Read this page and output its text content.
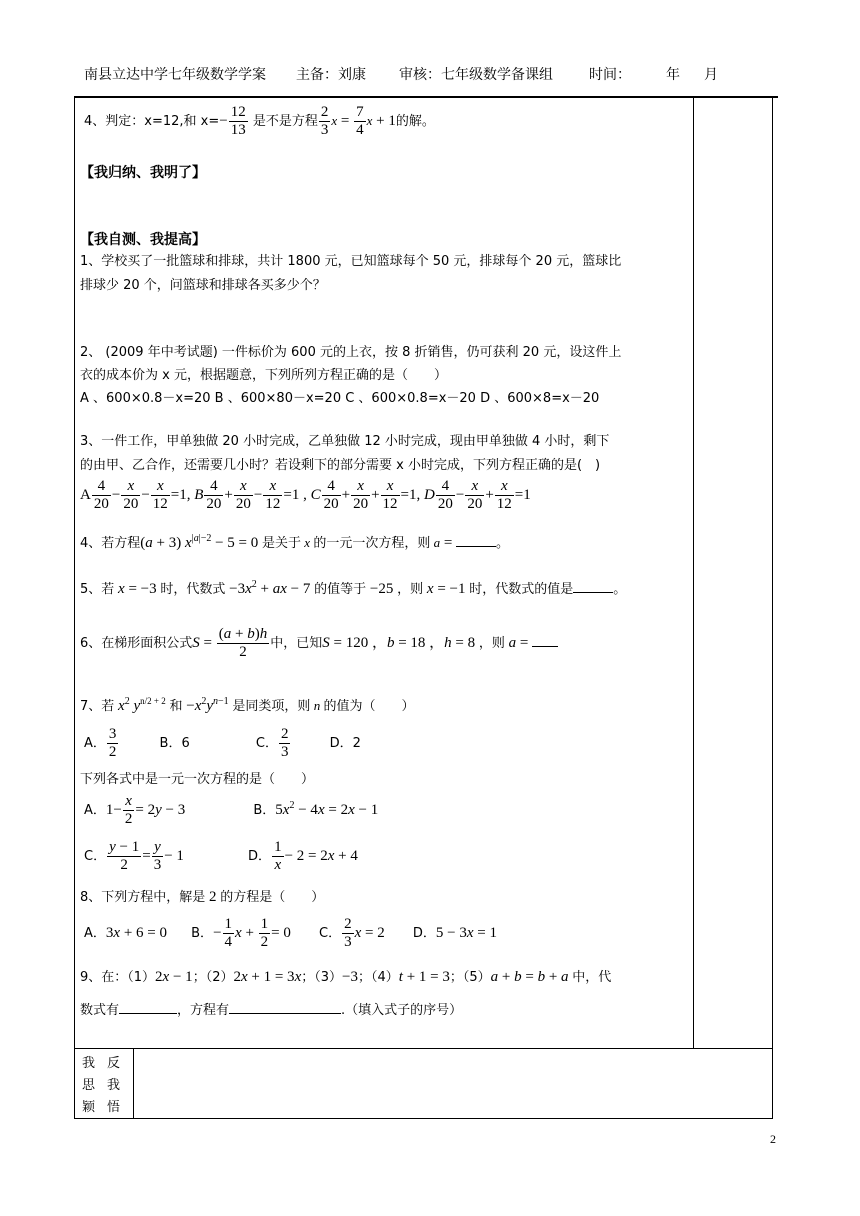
南县立达中学七年级数学学案 主备：刘康 审核：七年级数学备课组	时间：	年 月
4、判定：x=12,和 $x=- \frac{12}{13}$ 是不是方程 $\frac{2}{3}$ $x = \frac{7}{4}$ x + 1的解。
【我归纳、我明了】
【我自测、我提高】
1、学校买了一批篮球和排球，共计 1800 元，已知篮球每个 50 元，排球每个 20 元，篮球比
排球少 20 个，问篮球和排球各买多少个？
2、 (2009 年中考试题) 一件标价为 600 元的上衣，按 8 折销售，仍可获利 20 元，设这件上
衣的成本价为 x 元，根据题意，下列所列方程正确的是（　　）
A 、600×0.8－x=20 B 、600×80－x=20 C 、600×0.8=x－20 D 、600×8=x－20
3、一件工作，甲单独做 20 小时完成，乙单独做 12 小时完成，现由甲单独做 4 小时，剩下
的由甲、乙合作，还需要几小时？若设剩下的部分需要 x 小时完成，下列方程正确的是(　)
A $\frac{4}{20} - \frac{x}{20} - \frac{x}{12} =1$, B $\frac{4}{20} + \frac{x}{20} - \frac{x}{12} =1$ , C $\frac{4}{20} + \frac{x}{20} + \frac{x}{12} =1$, D $\frac{4}{20} - \frac{x}{20} + \frac{x}{12} =1$
4、若方程(a + 3) $x^{|a|-2} - 5 = 0$ 是关于 x 的一元一次方程，则 a =	。
5、若 x = −3 时，代数式 $-3x^2$ + ax − 7 的值等于 −25 ，则 x = −1 时，代数式的值是	。
6、在梯形面积公式$S = \frac{(a + b)h}{2}$ 中，已知S = 120 ，b = 18 ，h = 8 ，则 a =
7、若 $x^2$ $y^{n/2 + 2}$ 和 $-x^2y^{n-1}$ 是同类项，则 n 的值为（　　）
A． $\frac{3}{2}$	B．6	C． $\frac{2}{3}$	D．2
下列各式中是一元一次方程的是（　　）
A．$1- \frac{x}{2} = 2y - 3$	B．$5x^2 - 4x = 2x - 1$
C． $\frac{y - 1}{2} = \frac{y}{3} - 1$	D． $\frac{1}{x} - 2 = 2x + 4$
8、下列方程中，解是 2 的方程是（　　）
A．3x + 6 = 0 B．− $\frac{1}{4}$ $x + \frac{1}{2} = 0$ C． $\frac{2}{3}$ x = 2 D．5 − 3x = 1
9、在：（1）2x − 1；（2）2x + 1 = 3x；（3）−3；（4）t + 1 = 3；（5）a + b = b + a 中，代
数式有	，方程有	.（填入式子的序号）
我 反
思 我
颖 悟
2
